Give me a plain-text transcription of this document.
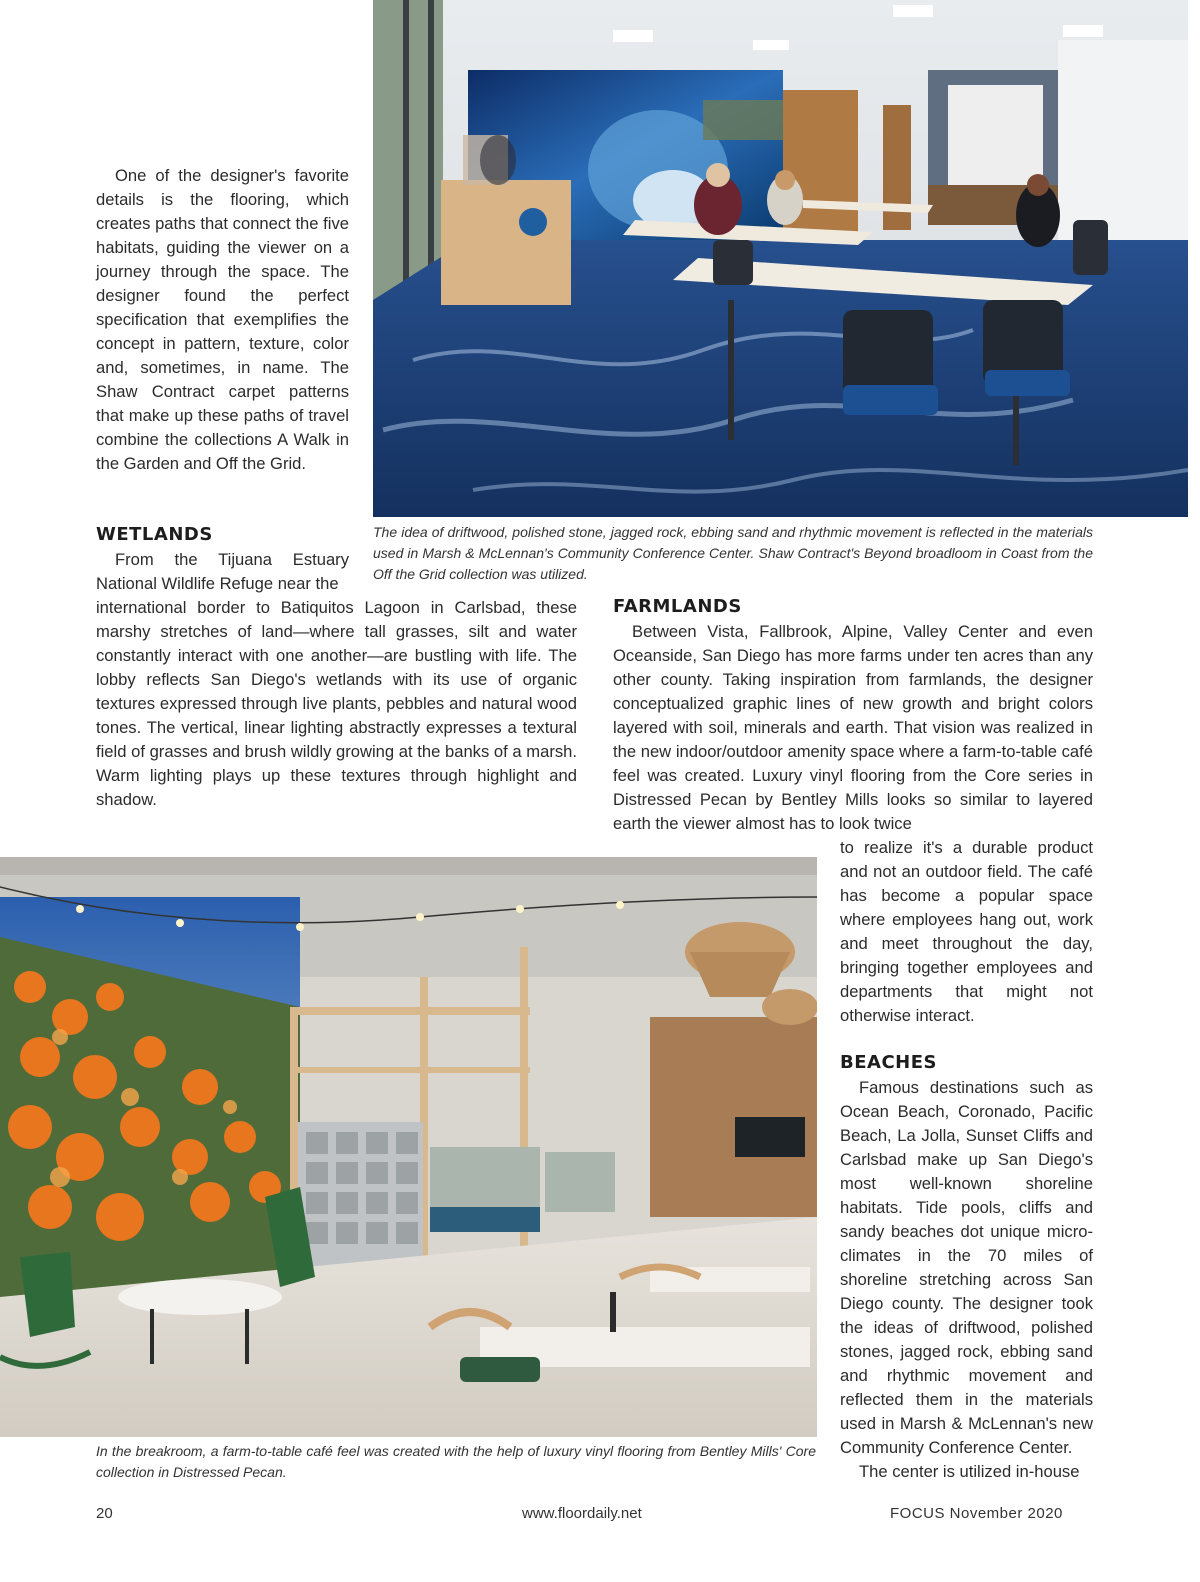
One of the designer's favorite details is the flooring, which creates paths that connect the five habitats, guiding the viewer on a journey through the space. The designer found the perfect specification that exemplifies the concept in pattern, texture, color and, sometimes, in name. The Shaw Contract carpet patterns that make up these paths of travel combine the collections A Walk in the Garden and Off the Grid.

WETLANDS

From the Tijuana Estuary National Wildlife Refuge near the

The idea of driftwood, polished stone, jagged rock, ebbing sand and rhythmic movement is reflected in the materials used in Marsh & McLennan's Community Conference Center. Shaw Contract's Beyond broadloom in Coast from the Off the Grid collection was utilized.

international border to Batiquitos Lagoon in Carlsbad, these marshy stretches of land—where tall grasses, silt and water constantly interact with one another—are bustling with life. The lobby reflects San Diego's wetlands with its use of organic textures expressed through live plants, pebbles and natural wood tones. The vertical, linear lighting abstractly expresses a textural field of grasses and brush wildly growing at the banks of a marsh. Warm lighting plays up these textures through highlight and shadow.

FARMLANDS

Between Vista, Fallbrook, Alpine, Valley Center and even Oceanside, San Diego has more farms under ten acres than any other county. Taking inspiration from farmlands, the designer conceptualized graphic lines of new growth and bright colors layered with soil, minerals and earth. That vision was realized in the new indoor/outdoor amenity space where a farm-to-table café feel was created. Luxury vinyl flooring from the Core series in Distressed Pecan by Bentley Mills looks so similar to layered earth the viewer almost has to look twice

to realize it's a durable product and not an outdoor field. The café has become a popular space where employees hang out, work and meet throughout the day, bringing together employees and departments that might not otherwise interact.

BEACHES

Famous destinations such as Ocean Beach, Coronado, Pacific Beach, La Jolla, Sunset Cliffs and Carlsbad make up San Diego's most well-known shoreline habitats. Tide pools, cliffs and sandy beaches dot unique micro-climates in the 70 miles of shoreline stretching across San Diego county. The designer took the ideas of driftwood, polished stones, jagged rock, ebbing sand and rhythmic movement and reflected them in the materials used in Marsh & McLennan's new Community Conference Center.

The center is utilized in-house

In the breakroom, a farm-to-table café feel was created with the help of luxury vinyl flooring from Bentley Mills' Core collection in Distressed Pecan.

20	www.floordaily.net	FOCUS November 2020
